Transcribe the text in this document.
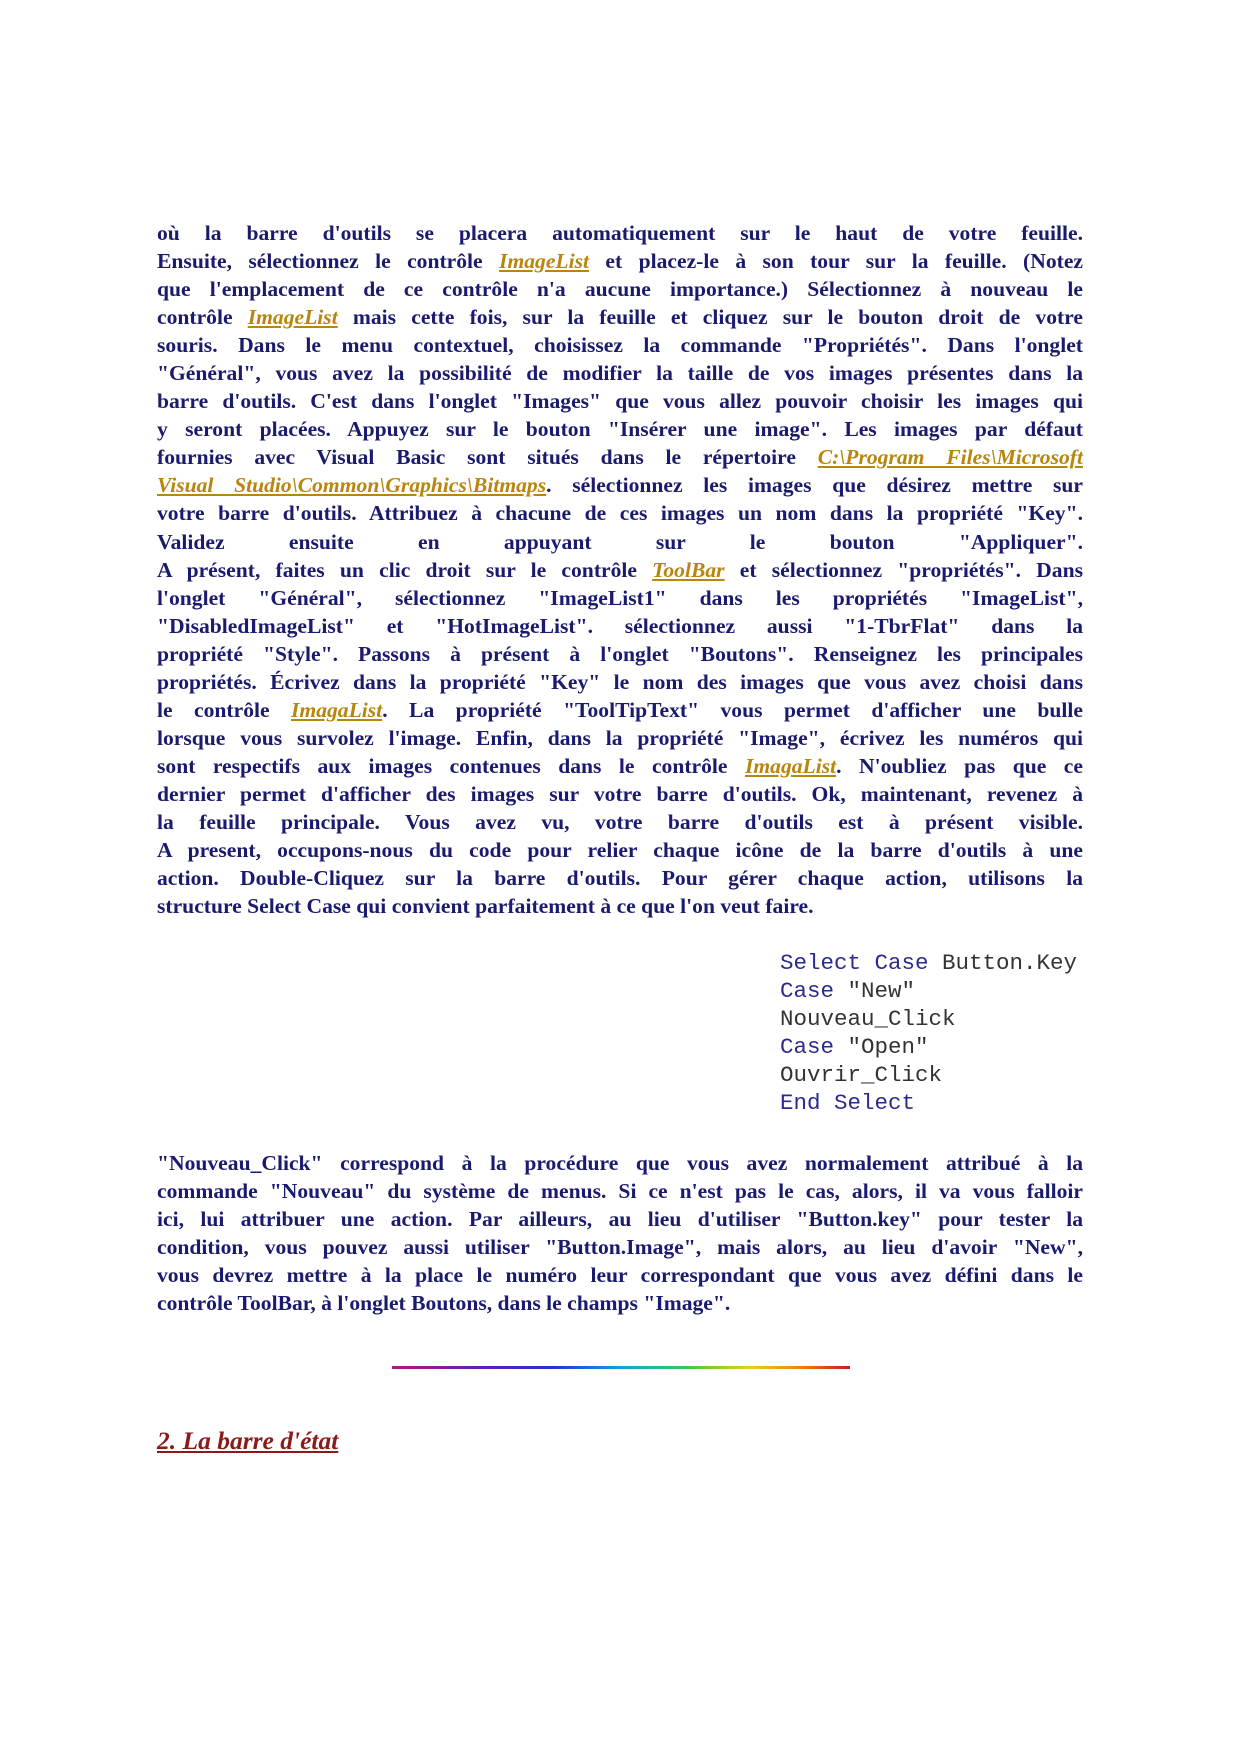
où la barre d'outils se placera automatiquement sur le haut de votre feuille.
Ensuite, sélectionnez le contrôle ImageList et placez-le à son tour sur la feuille. (Notez
que l'emplacement de ce contrôle n'a aucune importance.) Sélectionnez à nouveau le
contrôle ImageList mais cette fois, sur la feuille et cliquez sur le bouton droit de votre
souris. Dans le menu contextuel, choisissez la commande "Propriétés". Dans l'onglet
"Général", vous avez la possibilité de modifier la taille de vos images présentes dans la
barre d'outils. C'est dans l'onglet "Images" que vous allez pouvoir choisir les images qui
y seront placées. Appuyez sur le bouton "Insérer une image". Les images par défaut
fournies avec Visual Basic sont situés dans le répertoire C:\Program Files\Microsoft
Visual Studio\Common\Graphics\Bitmaps. sélectionnez les images que désirez mettre sur
votre barre d'outils. Attribuez à chacune de ces images un nom dans la propriété "Key".
Validez ensuite en appuyant sur le bouton "Appliquer".
A présent, faites un clic droit sur le contrôle ToolBar et sélectionnez "propriétés". Dans
l'onglet "Général", sélectionnez "ImageList1" dans les propriétés "ImageList",
"DisabledImageList" et "HotImageList". sélectionnez aussi "1-TbrFlat" dans la
propriété "Style". Passons à présent à l'onglet "Boutons". Renseignez les principales
propriétés. Écrivez dans la propriété "Key" le nom des images que vous avez choisi dans
le contrôle ImagaList. La propriété "ToolTipText" vous permet d'afficher une bulle
lorsque vous survolez l'image. Enfin, dans la propriété "Image", écrivez les numéros qui
sont respectifs aux images contenues dans le contrôle ImagaList. N'oubliez pas que ce
dernier permet d'afficher des images sur votre barre d'outils. Ok, maintenant, revenez à
la feuille principale. Vous avez vu, votre barre d'outils est à présent visible.
A present, occupons-nous du code pour relier chaque icône de la barre d'outils à une
action. Double-Cliquez sur la barre d'outils. Pour gérer chaque action, utilisons la
structure Select Case qui convient parfaitement à ce que l'on veut faire.
Select Case Button.Key
Case "New"
Nouveau_Click
Case "Open"
Ouvrir_Click
End Select
"Nouveau_Click" correspond à la procédure que vous avez normalement attribué à la
commande "Nouveau" du système de menus. Si ce n'est pas le cas, alors, il va vous falloir
ici, lui attribuer une action. Par ailleurs, au lieu d'utiliser "Button.key" pour tester la
condition, vous pouvez aussi utiliser "Button.Image", mais alors, au lieu d'avoir "New",
vous devrez mettre à la place le numéro leur correspondant que vous avez défini dans le
contrôle ToolBar, à l'onglet Boutons, dans le champs "Image".
2. La barre d'état
